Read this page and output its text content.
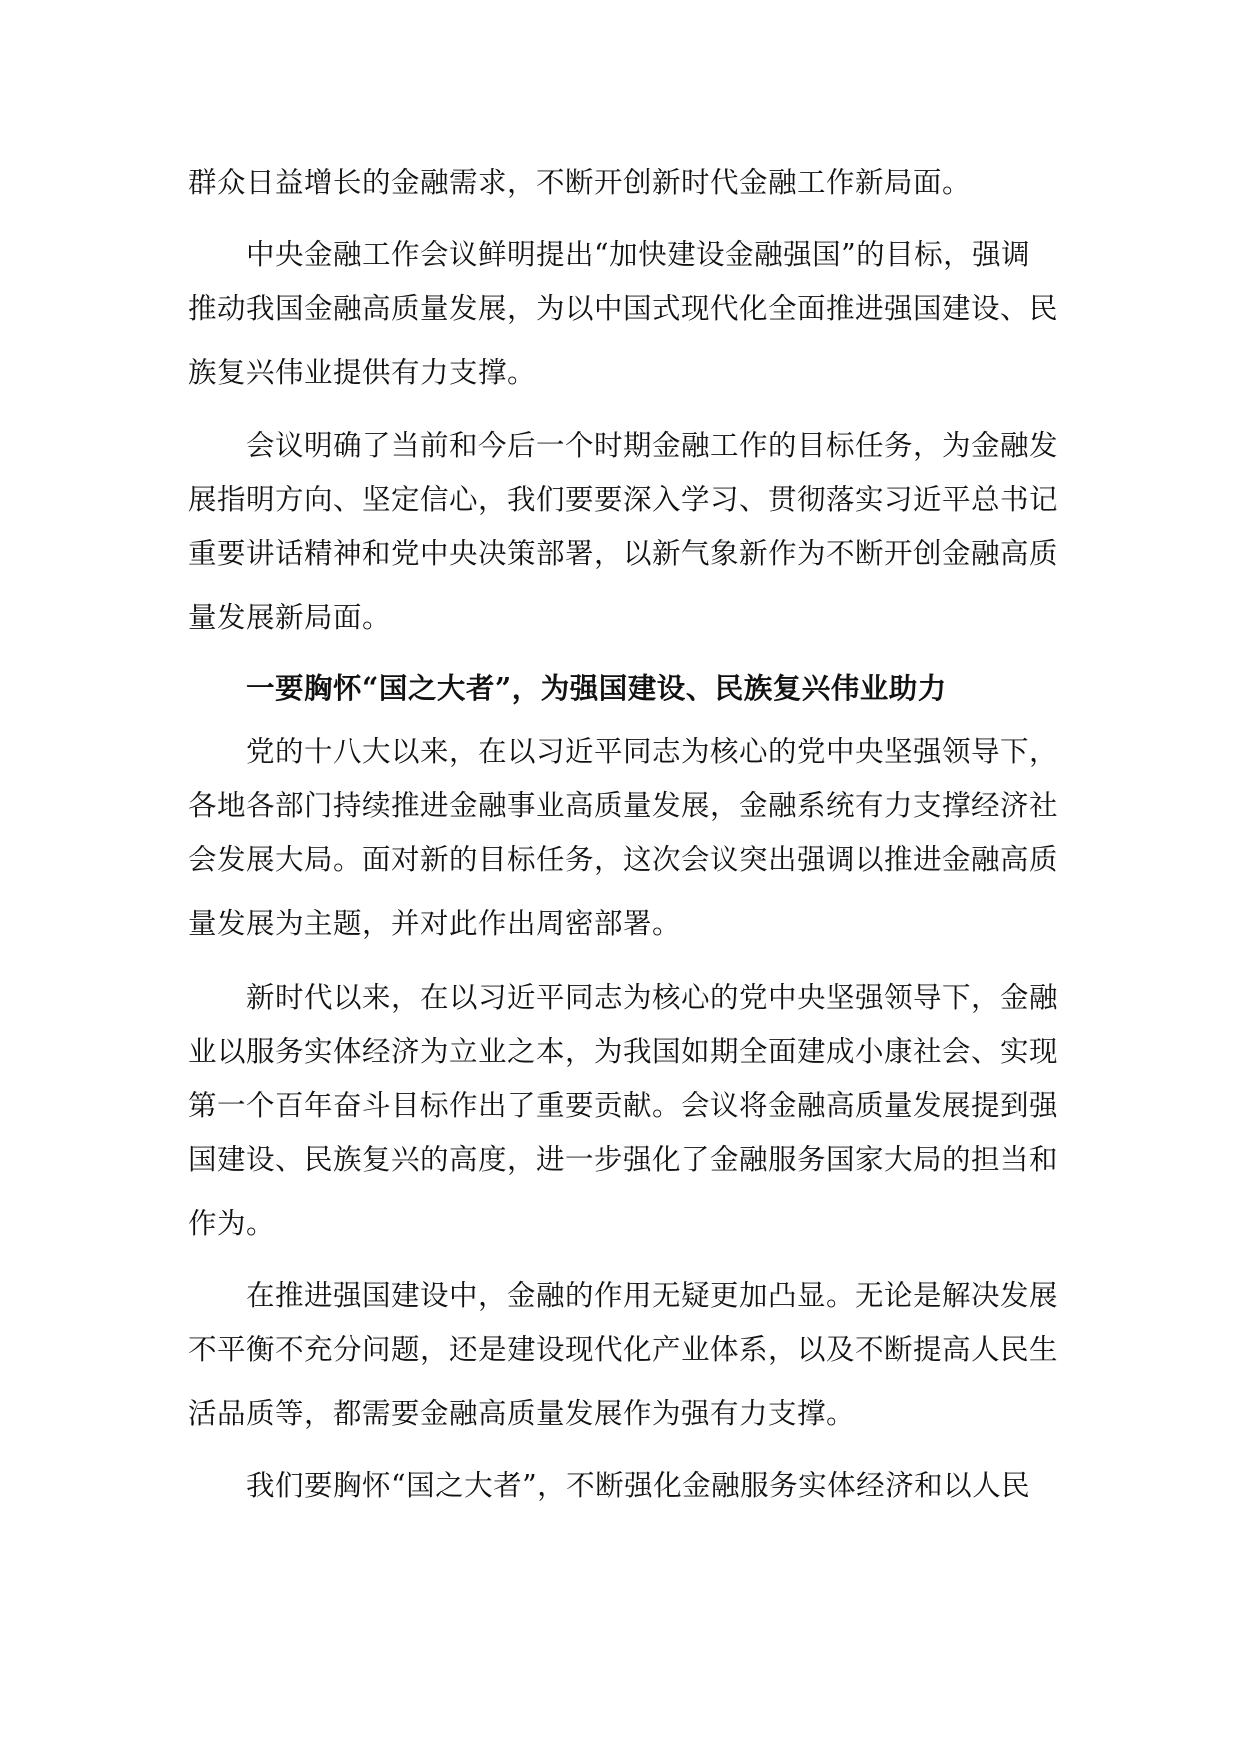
群众日益增长的金融需求，不断开创新时代金融工作新局面。
中央金融工作会议鲜明提出“加快建设金融强国”的目标，强调
推动我国金融高质量发展，为以中国式现代化全面推进强国建设、民
族复兴伟业提供有力支撑。
会议明确了当前和今后一个时期金融工作的目标任务，为金融发
展指明方向、坚定信心，我们要要深入学习、贯彻落实习近平总书记
重要讲话精神和党中央决策部署，以新气象新作为不断开创金融高质
量发展新局面。
一要胸怀“国之大者”，为强国建设、民族复兴伟业助力
党的十八大以来，在以习近平同志为核心的党中央坚强领导下，
各地各部门持续推进金融事业高质量发展，金融系统有力支撑经济社
会发展大局。面对新的目标任务，这次会议突出强调以推进金融高质
量发展为主题，并对此作出周密部署。
新时代以来，在以习近平同志为核心的党中央坚强领导下，金融
业以服务实体经济为立业之本，为我国如期全面建成小康社会、实现
第一个百年奋斗目标作出了重要贡献。会议将金融高质量发展提到强
国建设、民族复兴的高度，进一步强化了金融服务国家大局的担当和
作为。
在推进强国建设中，金融的作用无疑更加凸显。无论是解决发展
不平衡不充分问题，还是建设现代化产业体系，以及不断提高人民生
活品质等，都需要金融高质量发展作为强有力支撑。
我们要胸怀“国之大者”，不断强化金融服务实体经济和以人民
